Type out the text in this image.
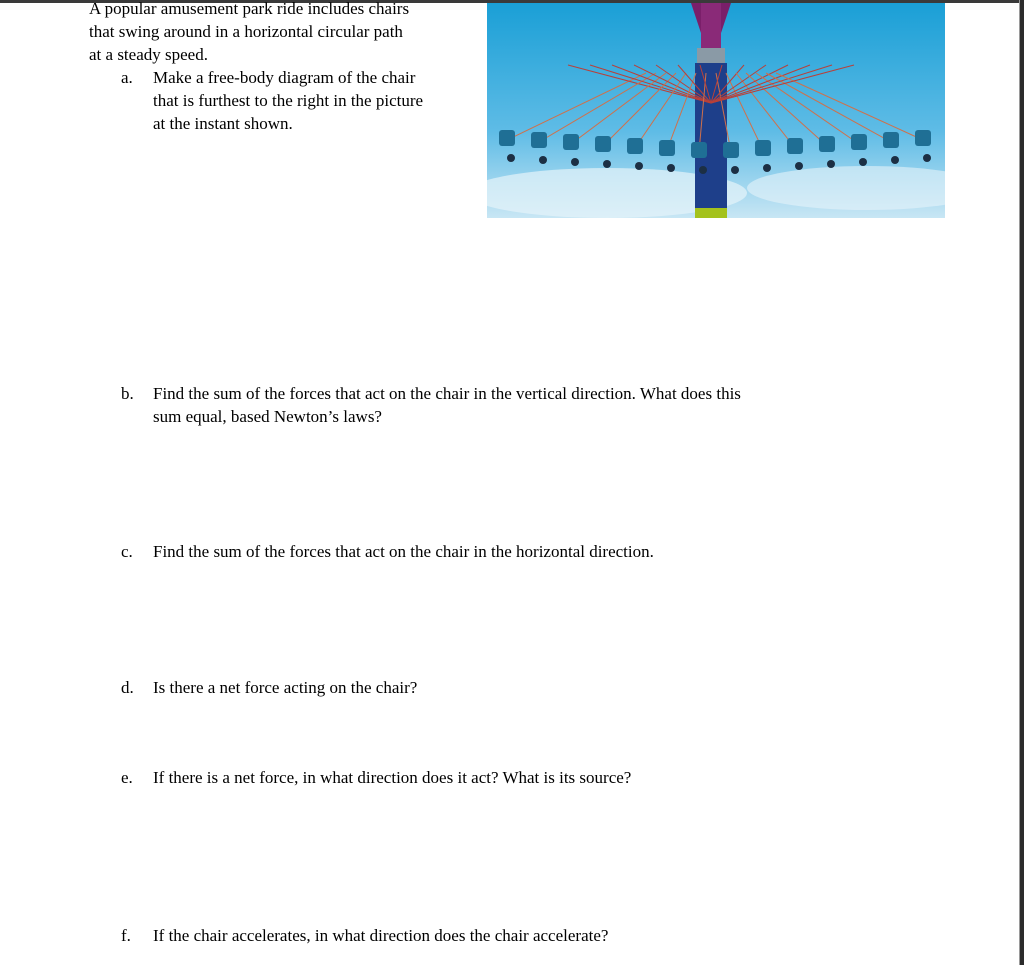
A popular amusement park ride includes chairs
that swing around in a horizontal circular path
at a steady speed.
a. Make a free-body diagram of the chair
that is furthest to the right in the picture
at the instant shown.
b. Find the sum of the forces that act on the chair in the vertical direction. What does this
sum equal, based Newton’s laws?
c. Find the sum of the forces that act on the chair in the horizontal direction.
d. Is there a net force acting on the chair?
e. If there is a net force, in what direction does it act? What is its source?
f. If the chair accelerates, in what direction does the chair accelerate?
